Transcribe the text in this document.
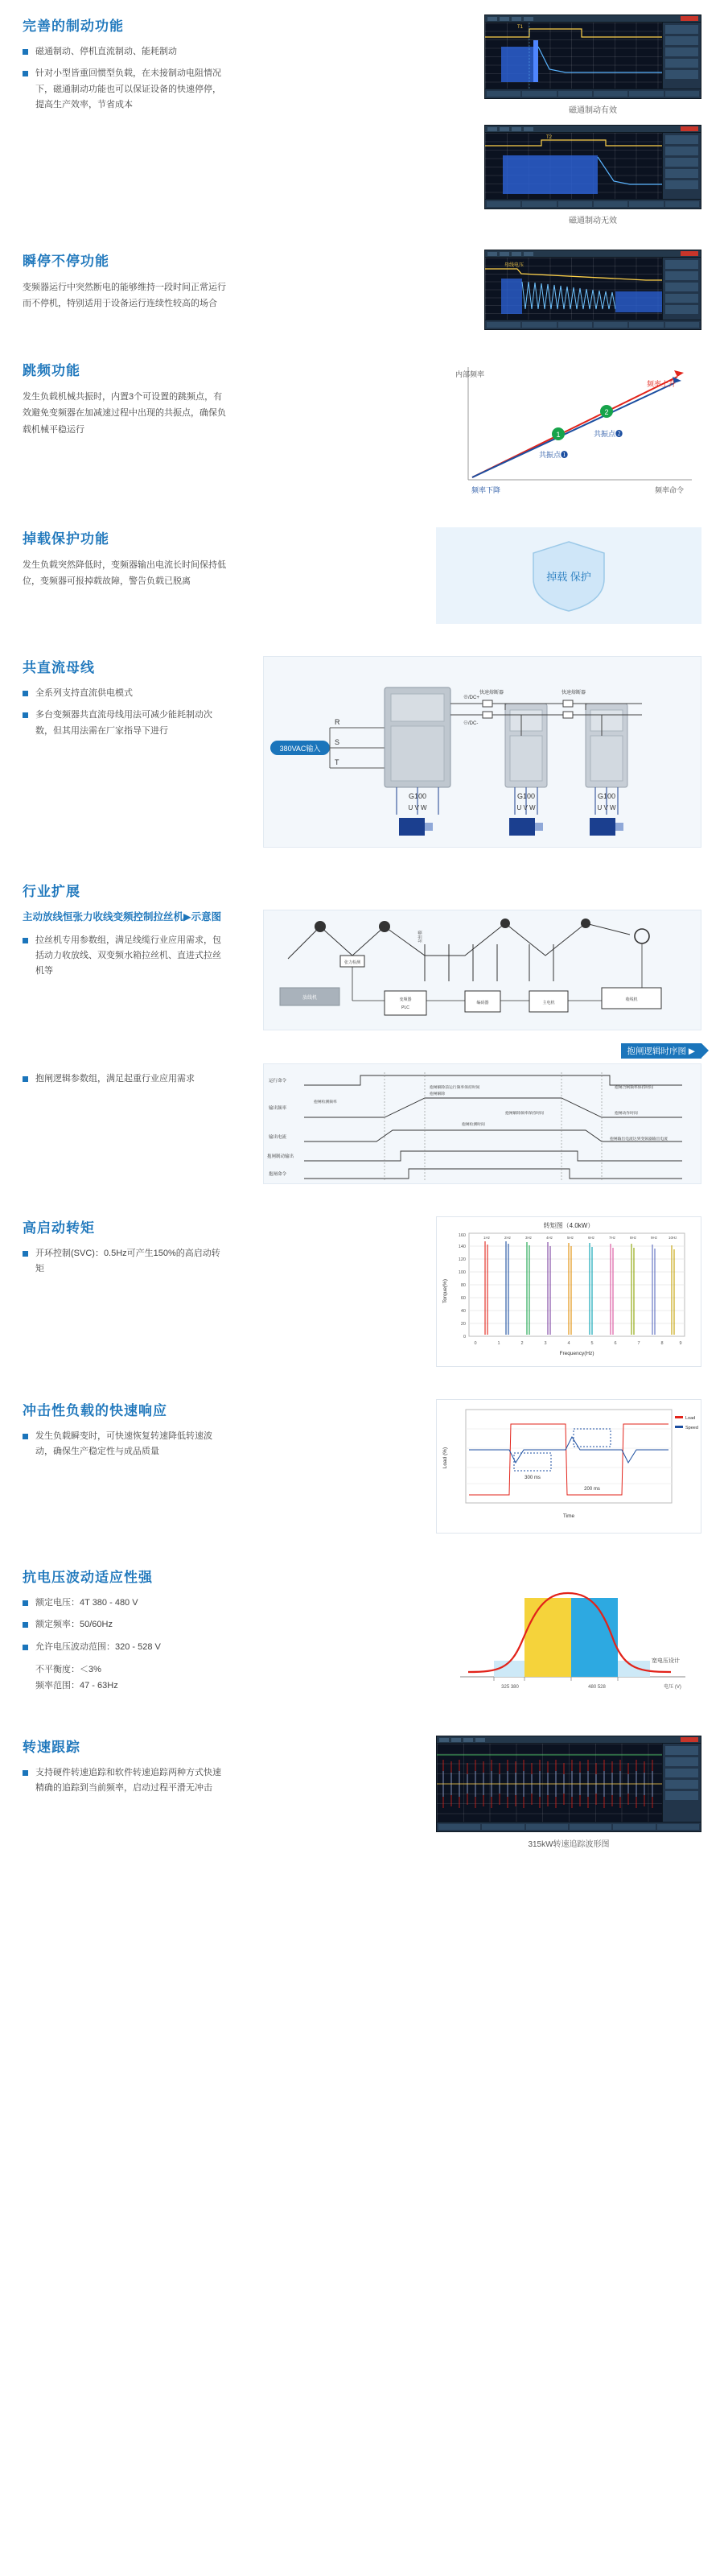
完善的制动功能
磁通制动、停机直流制动、能耗制动
针对小型皆重回惯型负载，在未接制动电阻情况下，磁通制动功能也可以保证设备的快速停停，提高生产效率，节省成本
T1
磁通制动有效
T2
磁通制动无效
瞬停不停功能

变频器运行中突然断电的能够维持一段时间正常运行而不停机，特别适用于设备运行连续性较高的场合

母线电压
跳频功能

发生负载机械共振时，内置3个可设置的跳频点，有效避免变频器在加减速过程中出现的共振点，确保负载机械平稳运行

1
2
共振点❶
共振点❷
内部频率
频率命令
频率上升
频率下降
掉载保护功能

发生负载突然降低时，变频器输出电流长时间保持低位，变频器可报掉载故障，警告负载已脱离	掉载 保护
共直流母线
全系列支持直流供电模式
多台变频器共直流母线用法可减少能耗制动次数，但其用法需在厂家指导下进行
380VAC输入
R
S
T
G100	G100	G100
⊕/DC+
⊖/DC-
快速熔断器	快速熔断器
U V W	U V W	U V W
行业扩展
主动放线恒张力收线变频控制拉丝机▶示意图
拉丝机专用参数组，满足线缆行业应用需求，包括动力收放线、双变频水箱拉丝机、直进式拉丝机等
拉丝模
放线机
张力检测
变频器
PLC
编码器	主电机
收线机
抱闸逻辑时序图 ▶
抱闸逻辑参数组，满足起重行业应用需求	运行命令
输出频率
输出电流
抱闸制动输出
抱闸命令
抱闸解除前运行频率保持时间
抱闸解除
抱闸解除频率保持时间
抱闸检测时间
抱闸合闸频率保持时间
抱闸动作时间
抱闸检测频率
抱闸输出电流达到变频器输出电流
高启动转矩
开环控制(SVC)：0.5Hz可产生150%的高启动转矩
转矩图（4.0kW）
0
20
40
60
80
100
120
140
160
0	1	2	3	4	5	6	7	8	9
Frequency(Hz)
Torque(%)
1Hz	2Hz	3Hz	4Hz	5Hz	6Hz	7Hz	8Hz	9Hz	10Hz
冲击性负载的快速响应
发生负载瞬变时，可快速恢复转速降低转速波动，确保生产稳定性与成品质量
300 ms
200 ms
Time
Load (%)
Load
Speed
抗电压波动适应性强
额定电压：4T 380 - 480 V
额定频率：50/60Hz
允许电压波动范围：320 - 528 V

不平衡度：＜3%

频率范围：47 - 63Hz	325 380	480 528	电压 (V)
宽电压设计
转速跟踪
支持硬件转速追踪和软件转速追踪两种方式快速精确的追踪到当前频率，启动过程平滑无冲击
315kW转速追踪波形图
